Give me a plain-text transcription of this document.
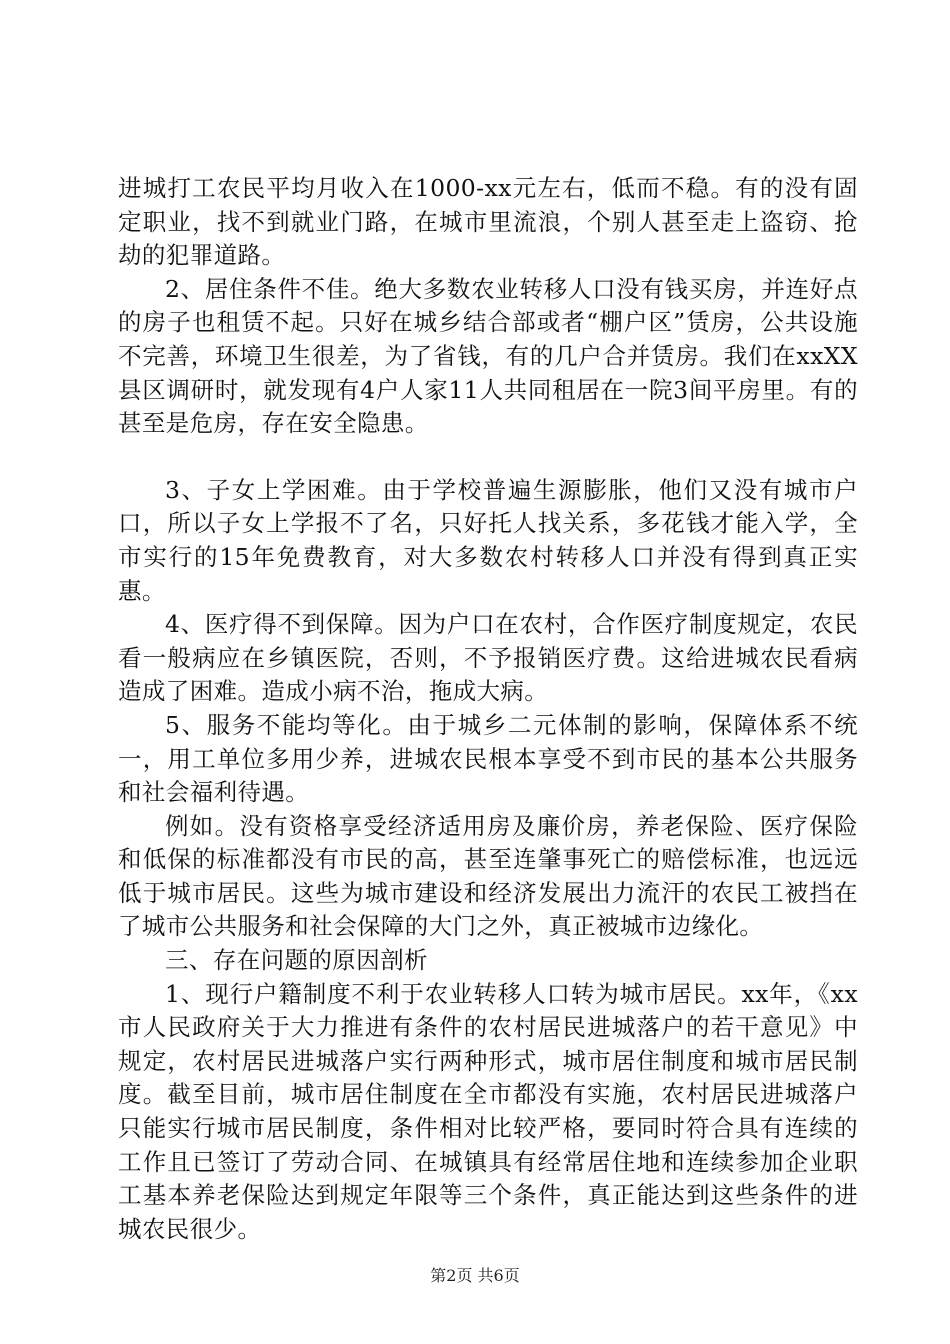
进城打工农民平均月收入在1000-xx元左右，低而不稳。有的没有固定职业，找不到就业门路，在城市里流浪，个别人甚至走上盗窃、抢劫的犯罪道路。

2、居住条件不佳。绝大多数农业转移人口没有钱买房，并连好点的房子也租赁不起。只好在城乡结合部或者“棚户区”赁房，公共设施不完善，环境卫生很差，为了省钱，有的几户合并赁房。我们在xxXX县区调研时，就发现有4户人家11人共同租居在一院3间平房里。有的甚至是危房，存在安全隐患。

3、子女上学困难。由于学校普遍生源膨胀，他们又没有城市户口，所以子女上学报不了名，只好托人找关系，多花钱才能入学，全市实行的15年免费教育，对大多数农村转移人口并没有得到真正实惠。

4、医疗得不到保障。因为户口在农村，合作医疗制度规定，农民看一般病应在乡镇医院，否则，不予报销医疗费。这给进城农民看病造成了困难。造成小病不治，拖成大病。

5、服务不能均等化。由于城乡二元体制的影响，保障体系不统一，用工单位多用少养，进城农民根本享受不到市民的基本公共服务和社会福利待遇。

例如。没有资格享受经济适用房及廉价房，养老保险、医疗保险和低保的标准都没有市民的高，甚至连肇事死亡的赔偿标准，也远远低于城市居民。这些为城市建设和经济发展出力流汗的农民工被挡在了城市公共服务和社会保障的大门之外，真正被城市边缘化。

三、存在问题的原因剖析

1、现行户籍制度不利于农业转移人口转为城市居民。xx年，《xx市人民政府关于大力推进有条件的农村居民进城落户的若干意见》中规定，农村居民进城落户实行两种形式，城市居住制度和城市居民制度。截至目前，城市居住制度在全市都没有实施，农村居民进城落户只能实行城市居民制度，条件相对比较严格，要同时符合具有连续的工作且已签订了劳动合同、在城镇具有经常居住地和连续参加企业职工基本养老保险达到规定年限等三个条件，真正能达到这些条件的进城农民很少。

第2页 共6页
